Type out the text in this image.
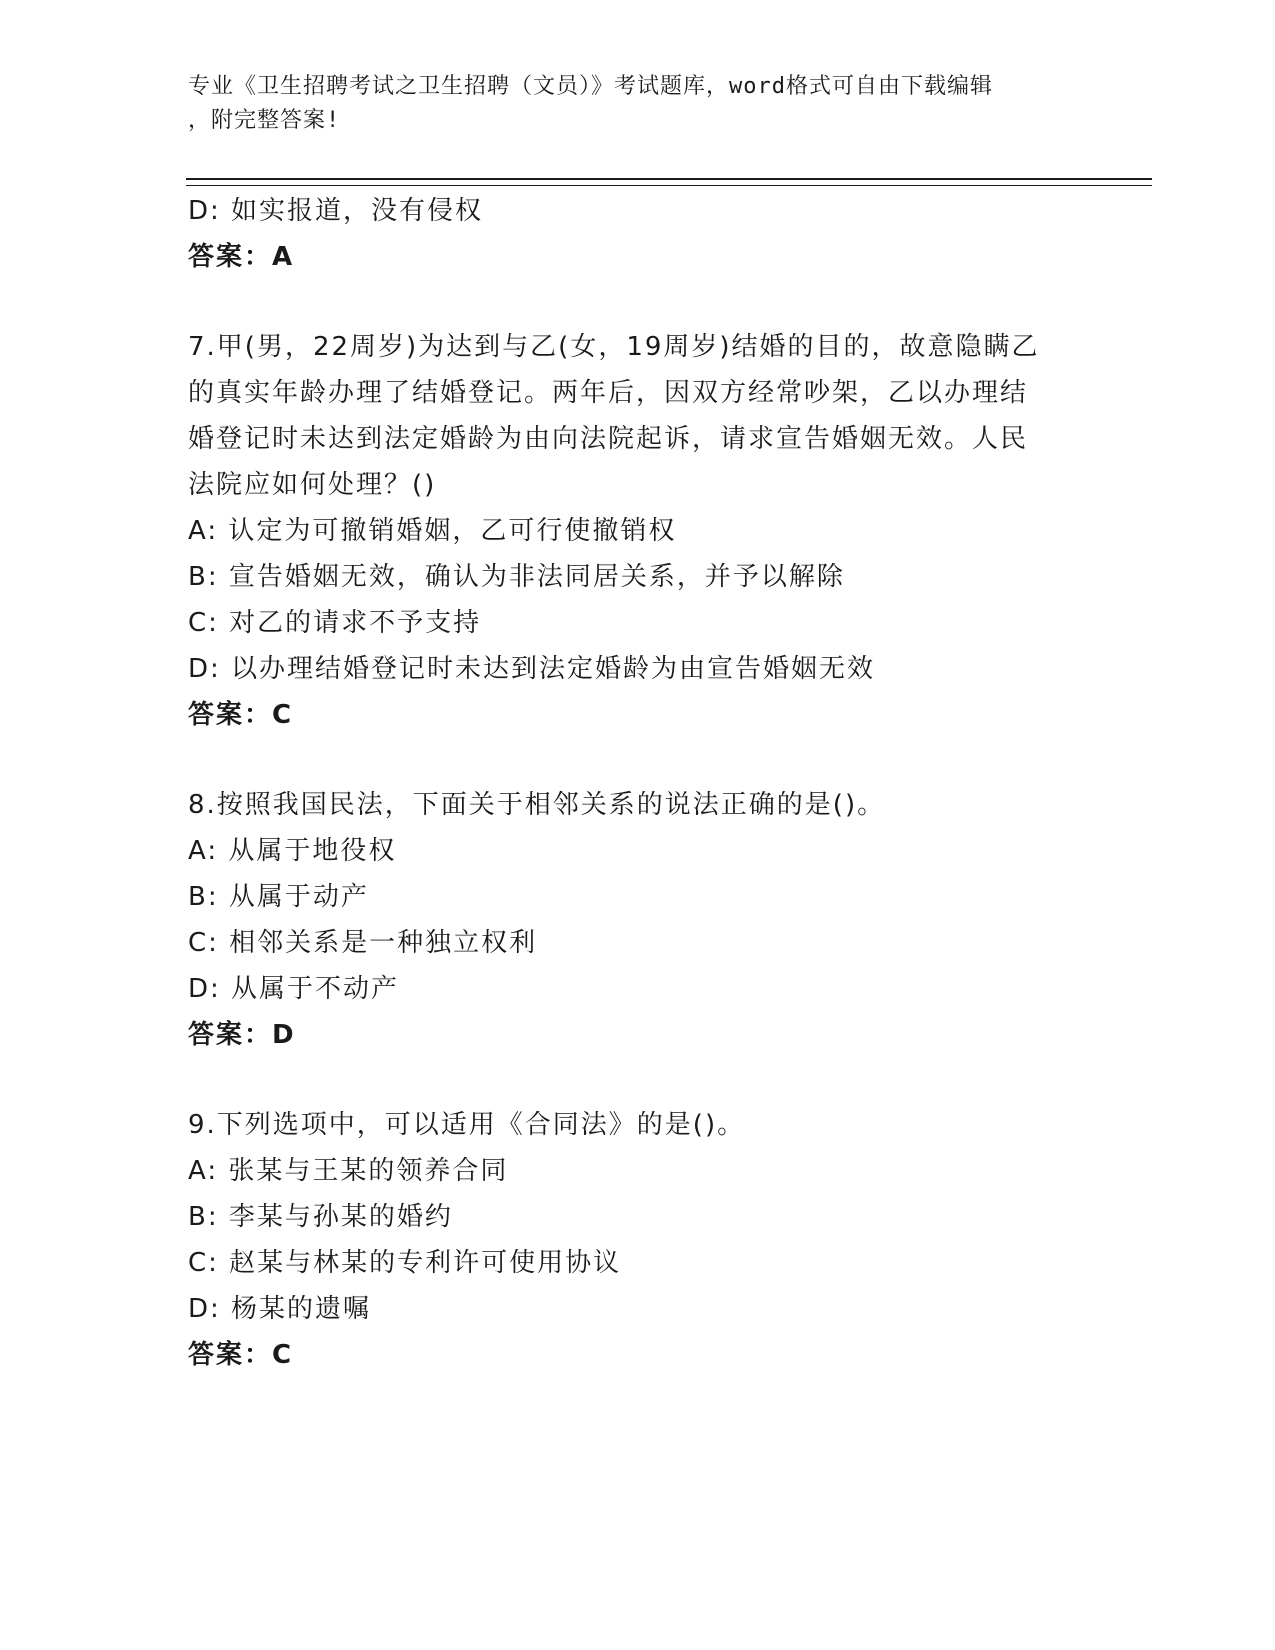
专业《卫生招聘考试之卫生招聘（文员）》考试题库，word格式可自由下载编辑
，附完整答案!
D: 如实报道，没有侵权
答案：A
7.甲(男，22周岁)为达到与乙(女，19周岁)结婚的目的，故意隐瞒乙
的真实年龄办理了结婚登记。两年后，因双方经常吵架，乙以办理结
婚登记时未达到法定婚龄为由向法院起诉，请求宣告婚姻无效。人民
法院应如何处理？()
A: 认定为可撤销婚姻，乙可行使撤销权
B: 宣告婚姻无效，确认为非法同居关系，并予以解除
C: 对乙的请求不予支持
D: 以办理结婚登记时未达到法定婚龄为由宣告婚姻无效
答案：C
8.按照我国民法，下面关于相邻关系的说法正确的是()。
A: 从属于地役权
B: 从属于动产
C: 相邻关系是一种独立权利
D: 从属于不动产
答案：D
9.下列选项中，可以适用《合同法》的是()。
A: 张某与王某的领养合同
B: 李某与孙某的婚约
C: 赵某与林某的专利许可使用协议
D: 杨某的遗嘱
答案：C
